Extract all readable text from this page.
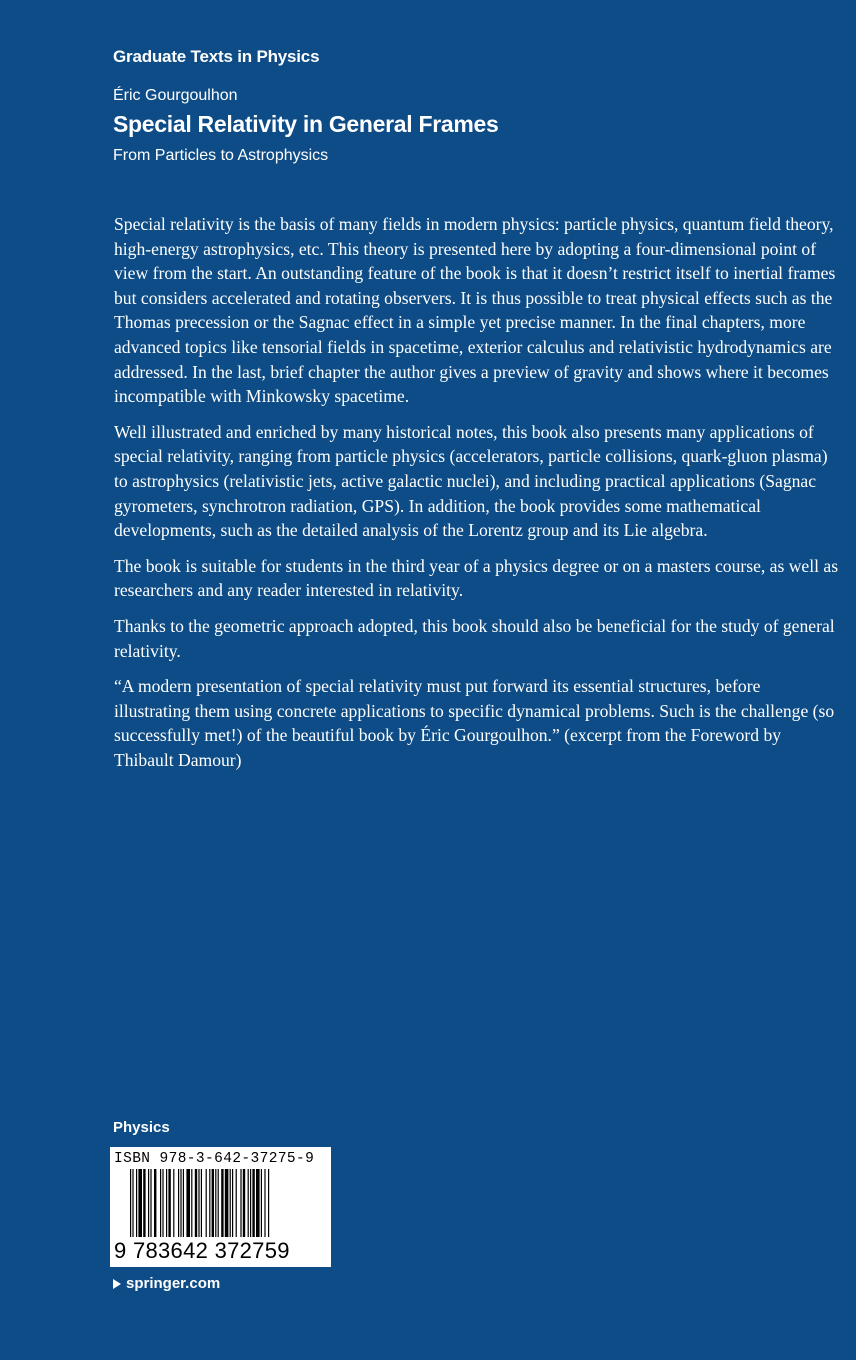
Graduate Texts in Physics
Éric Gourgoulhon
Special Relativity in General Frames
From Particles to Astrophysics

Special relativity is the basis of many fields in modern physics: particle physics, quantum field theory, high-energy astrophysics, etc. This theory is presented here by adopting a four-dimensional point of view from the start. An outstanding feature of the book is that it doesn’t restrict itself to inertial frames but considers accelerated and rotating observers. It is thus possible to treat physical effects such as the Thomas precession or the Sagnac effect in a simple yet precise manner. In the final chapters, more advanced topics like tensorial fields in spacetime, exterior calculus and relativistic hydrodynamics are addressed. In the last, brief chapter the author gives a preview of gravity and shows where it becomes incompatible with Minkowsky spacetime.

Well illustrated and enriched by many historical notes, this book also presents many applications of special relativity, ranging from particle physics (accelerators, particle collisions, quark-gluon plasma) to astrophysics (relativistic jets, active galactic nuclei), and including practical applications (Sagnac gyrometers, synchrotron radiation, GPS). In addition, the book provides some mathematical developments, such as the detailed analysis of the Lorentz group and its Lie algebra.

The book is suitable for students in the third year of a physics degree or on a masters course, as well as researchers and any reader interested in relativity.

Thanks to the geometric approach adopted, this book should also be beneficial for the study of general relativity.

“A modern presentation of special relativity must put forward its essential structures, before illustrating them using concrete applications to specific dynamical problems. Such is the challenge (so successfully met!) of the beautiful book by Éric Gourgoulhon.” (excerpt from the Foreword by Thibault Damour)

Physics
ISBN 978-3-642-37275-9
9 783642 372759
springer.com
